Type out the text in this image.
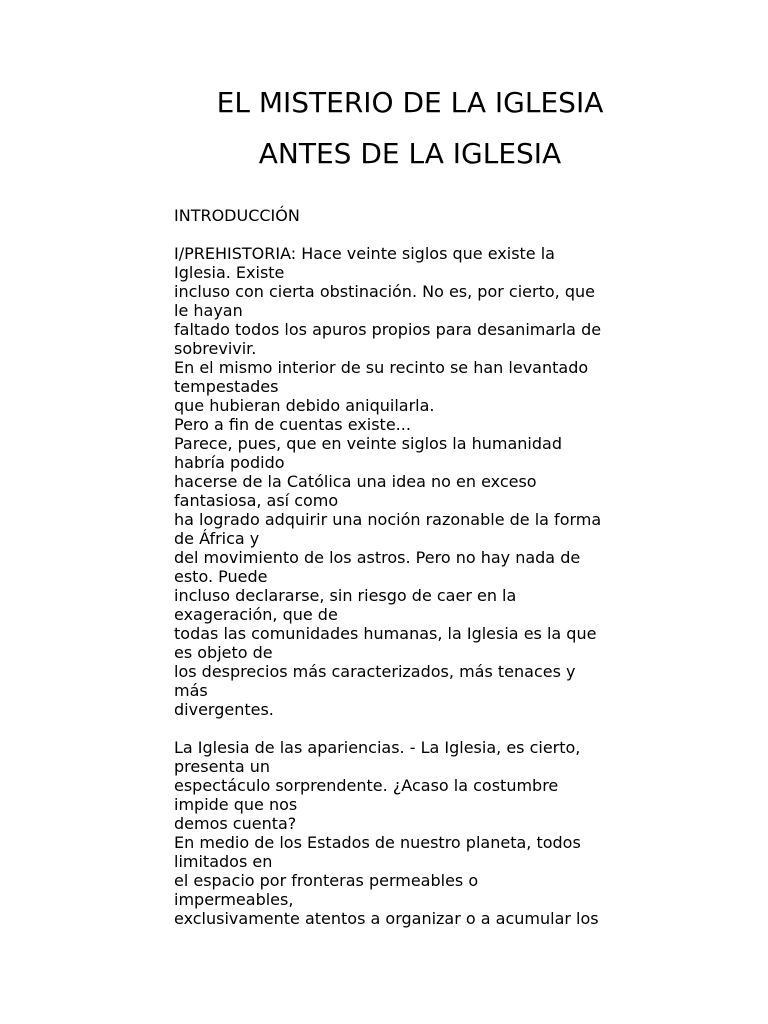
EL MISTERIO DE LA IGLESIA
ANTES DE LA IGLESIA
INTRODUCCIÓN
I/PREHISTORIA: Hace veinte siglos que existe la
Iglesia. Existe
incluso con cierta obstinación. No es, por cierto, que
le hayan
faltado todos los apuros propios para desanimarla de
sobrevivir.
En el mismo interior de su recinto se han levantado
tempestades
que hubieran debido aniquilarla.
Pero a fin de cuentas existe...
Parece, pues, que en veinte siglos la humanidad
habría podido
hacerse de la Católica una idea no en exceso
fantasiosa, así como
ha logrado adquirir una noción razonable de la forma
de África y
del movimiento de los astros. Pero no hay nada de
esto. Puede
incluso declararse, sin riesgo de caer en la
exageración, que de
todas las comunidades humanas, la Iglesia es la que
es objeto de
los desprecios más caracterizados, más tenaces y
más
divergentes.
La Iglesia de las apariencias. - La Iglesia, es cierto,
presenta un
espectáculo sorprendente. ¿Acaso la costumbre
impide que nos
demos cuenta?
En medio de los Estados de nuestro planeta, todos
limitados en
el espacio por fronteras permeables o
impermeables,
exclusivamente atentos a organizar o a acumular los
